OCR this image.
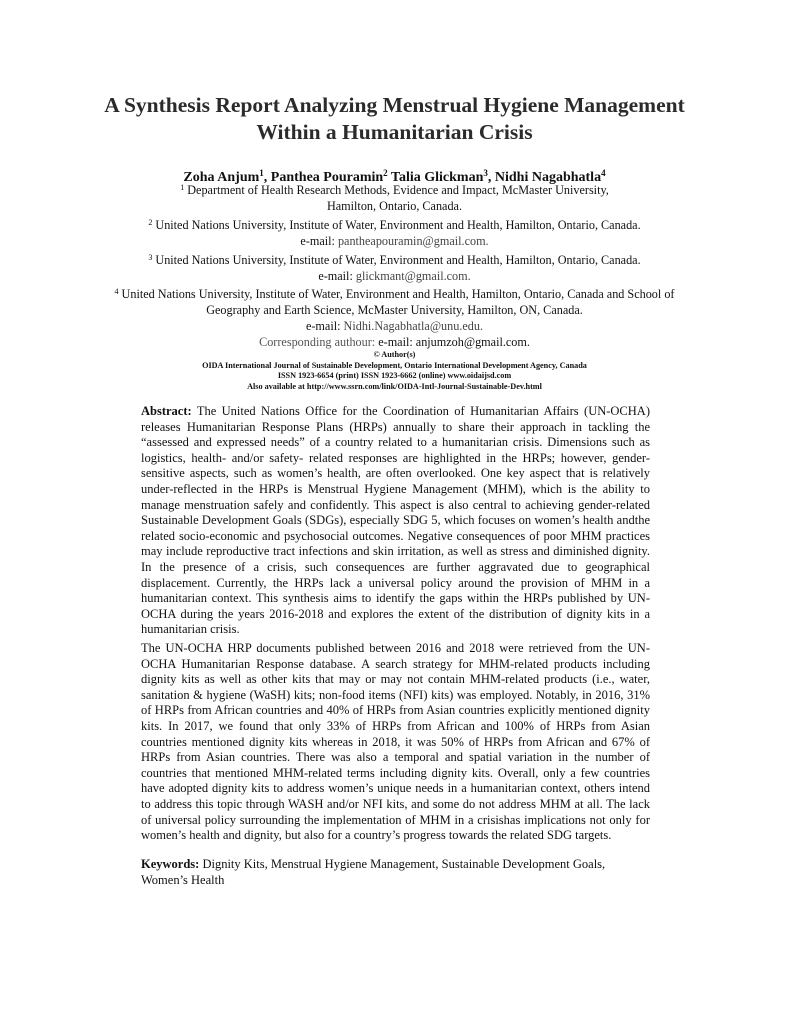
A Synthesis Report Analyzing Menstrual Hygiene Management
Within a Humanitarian Crisis
Zoha Anjum$^1$, Panthea Pouramin$^2$ Talia Glickman$^3$, Nidhi Nagabhatla$^4$
$^1$ Department of Health Research Methods, Evidence and Impact, McMaster University,
Hamilton, Ontario, Canada.
$^2$ United Nations University, Institute of Water, Environment and Health, Hamilton, Ontario, Canada.
e-mail: pantheapouramin@gmail.com.
$^3$ United Nations University, Institute of Water, Environment and Health, Hamilton, Ontario, Canada.
e-mail: glickmant@gmail.com.
$^4$ United Nations University, Institute of Water, Environment and Health, Hamilton, Ontario, Canada and School of
Geography and Earth Science, McMaster University, Hamilton, ON, Canada.
e-mail: Nidhi.Nagabhatla@unu.edu.
Corresponding authour: e-mail: anjumzoh@gmail.com.
© Author(s)
OIDA International Journal of Sustainable Development, Ontario International Development Agency, Canada
ISSN 1923-6654 (print) ISSN 1923-6662 (online) www.oidaijsd.com
Also available at http://www.ssrn.com/link/OIDA-Intl-Journal-Sustainable-Dev.html
Abstract: The United Nations Office for the Coordination of Humanitarian Affairs (UN-OCHA) releases Humanitarian Response Plans (HRPs) annually to share their approach in tackling the “assessed and expressed needs” of a country related to a humanitarian crisis. Dimensions such as logistics, health- and/or safety- related responses are highlighted in the HRPs; however, gender-sensitive aspects, such as women’s health, are often overlooked. One key aspect that is relatively under-reflected in the HRPs is Menstrual Hygiene Management (MHM), which is the ability to manage menstruation safely and confidently. This aspect is also central to achieving gender-related Sustainable Development Goals (SDGs), especially SDG 5, which focuses on women’s health andthe related socio-economic and psychosocial outcomes. Negative consequences of poor MHM practices may include reproductive tract infections and skin irritation, as well as stress and diminished dignity. In the presence of a crisis, such consequences are further aggravated due to geographical displacement. Currently, the HRPs lack a universal policy around the provision of MHM in a humanitarian context. This synthesis aims to identify the gaps within the HRPs published by UN-OCHA during the years 2016-2018 and explores the extent of the distribution of dignity kits in a humanitarian crisis.
The UN-OCHA HRP documents published between 2016 and 2018 were retrieved from the UN-OCHA Humanitarian Response database. A search strategy for MHM-related products including dignity kits as well as other kits that may or may not contain MHM-related products (i.e., water, sanitation & hygiene (WaSH) kits; non-food items (NFI) kits) was employed. Notably, in 2016, 31% of HRPs from African countries and 40% of HRPs from Asian countries explicitly mentioned dignity kits. In 2017, we found that only 33% of HRPs from African and 100% of HRPs from Asian countries mentioned dignity kits whereas in 2018, it was 50% of HRPs from African and 67% of HRPs from Asian countries. There was also a temporal and spatial variation in the number of countries that mentioned MHM-related terms including dignity kits. Overall, only a few countries have adopted dignity kits to address women’s unique needs in a humanitarian context, others intend to address this topic through WASH and/or NFI kits, and some do not address MHM at all. The lack of universal policy surrounding the implementation of MHM in a crisishas implications not only for women’s health and dignity, but also for a country’s progress towards the related SDG targets.
Keywords: Dignity Kits, Menstrual Hygiene Management, Sustainable Development Goals, Women’s Health
